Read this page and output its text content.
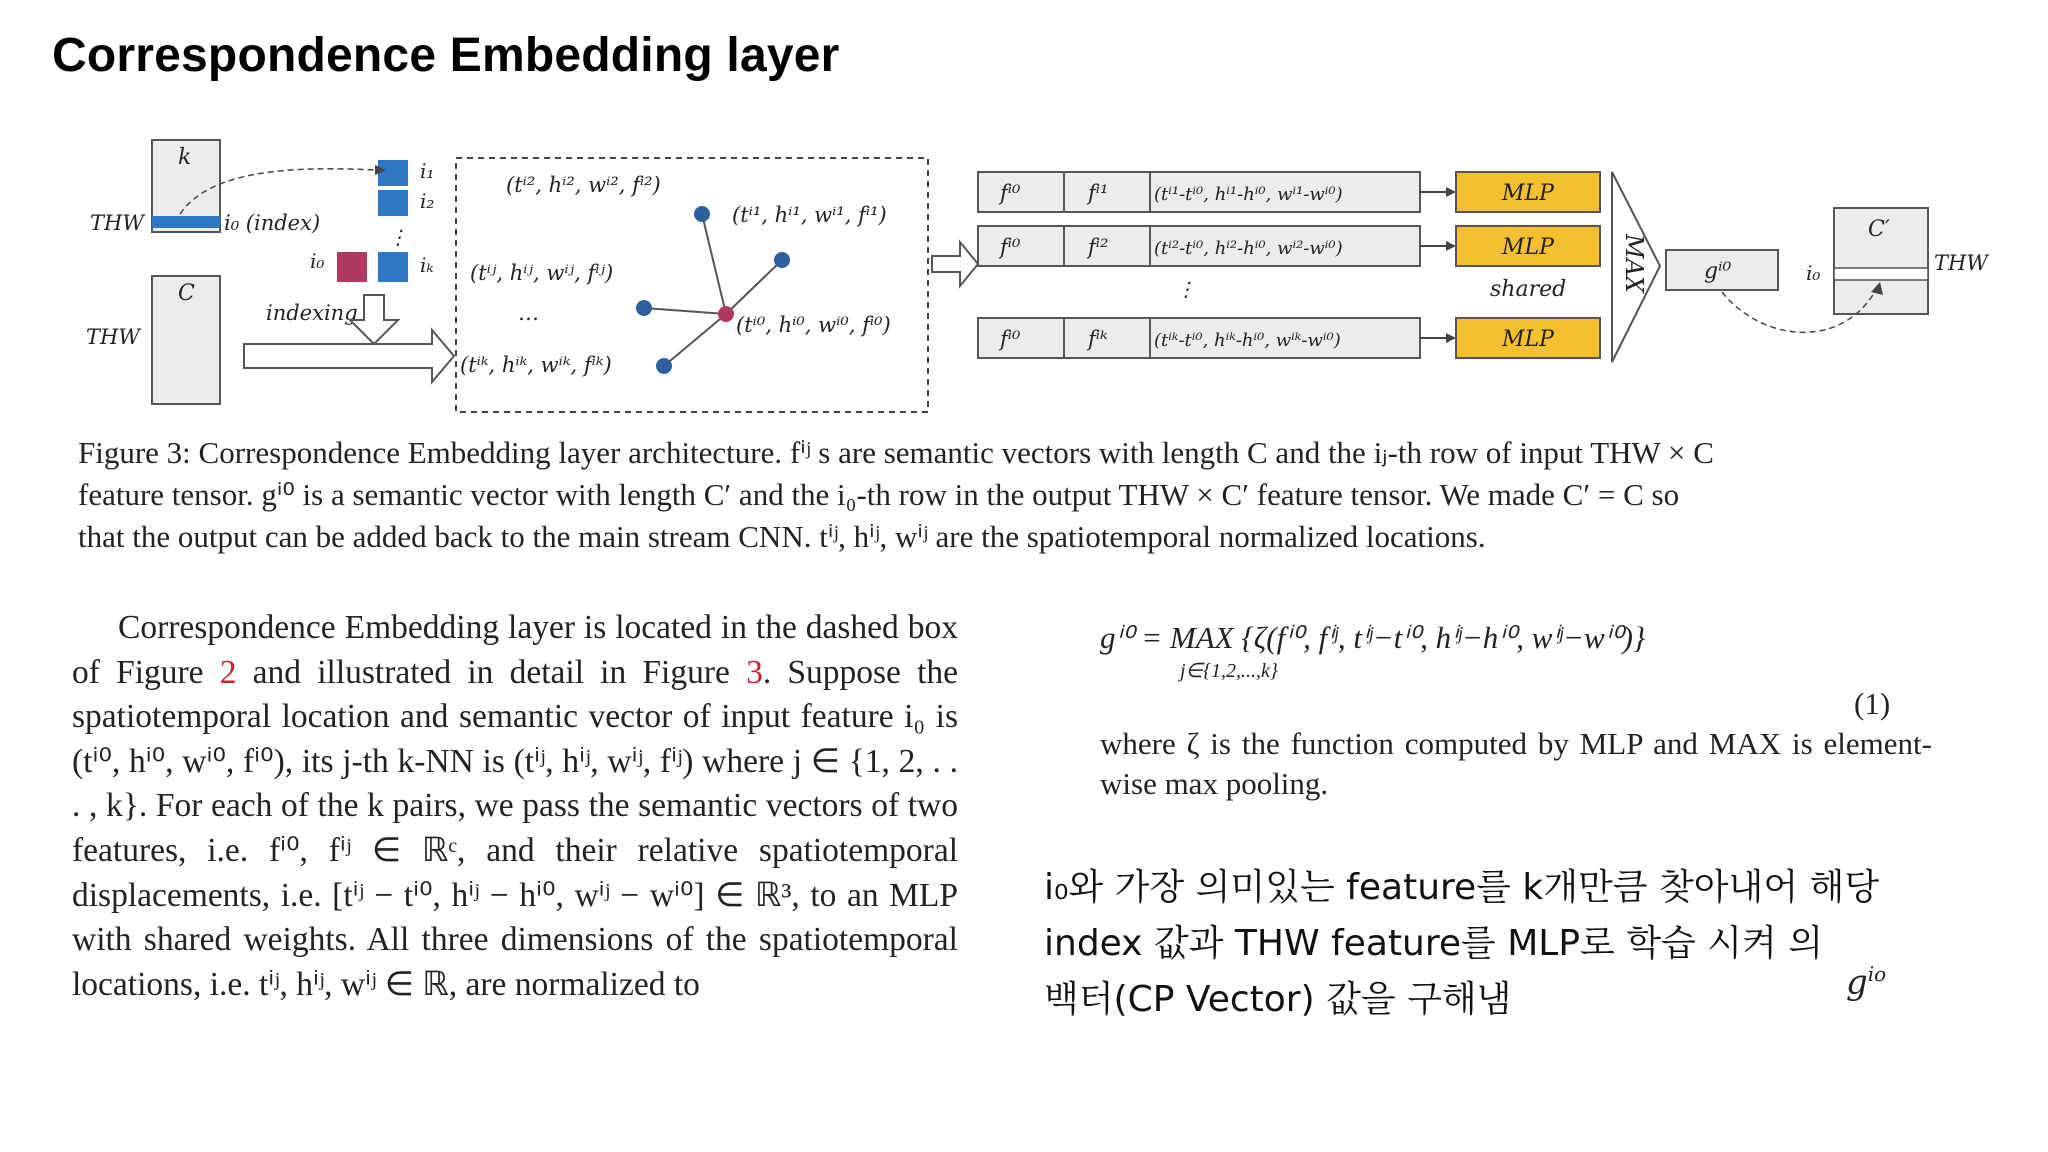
Correspondence Embedding layer
k
C
THW
THW
i₀ (index)
indexing
i₀
i₁
i₂
⋮
iₖ
(tⁱ², hⁱ², wⁱ², fⁱ²)
(tⁱ¹, hⁱ¹, wⁱ¹, fⁱ¹)
(tⁱʲ, hⁱʲ, wⁱʲ, fⁱʲ)
…	(tⁱ⁰, hⁱ⁰, wⁱ⁰, fⁱ⁰)
(tⁱᵏ, hⁱᵏ, wⁱᵏ, fⁱᵏ)
fⁱ⁰	fⁱ¹	(tⁱ¹-tⁱ⁰, hⁱ¹-hⁱ⁰, wⁱ¹-wⁱ⁰)
fⁱ⁰	fⁱ²	(tⁱ²-tⁱ⁰, hⁱ²-hⁱ⁰, wⁱ²-wⁱ⁰)
⋮
fⁱ⁰	fⁱᵏ	(tⁱᵏ-tⁱ⁰, hⁱᵏ-hⁱ⁰, wⁱᵏ-wⁱ⁰)
MLP
MLP
MLP
shared MAX	gⁱ⁰
C′
THW
i₀

Figure 3: Correspondence Embedding layer architecture. fⁱʲ s are semantic vectors with length C and the iⱼ-th row of input THW × C

feature tensor. gⁱ⁰ is a semantic vector with length C′ and the i₀-th row in the output THW × C′ feature tensor. We made C′ = C so

that the output can be added back to the main stream CNN. tⁱʲ, hⁱʲ, wⁱʲ are the spatiotemporal normalized locations.

Correspondence Embedding layer is located in the dashed box of Figure 2 and illustrated in detail in Figure 3. Suppose the spatiotemporal location and semantic vector of input feature i₀ is (tⁱ⁰, hⁱ⁰, wⁱ⁰, fⁱ⁰), its j-th k-NN is (tⁱʲ, hⁱʲ, wⁱʲ, fⁱʲ) where j ∈ {1, 2, . . . , k}. For each of the k pairs, we pass the semantic vectors of two features, i.e. fⁱ⁰, fⁱʲ ∈ ℝᶜ, and their relative spatiotemporal displacements, i.e. [tⁱʲ − tⁱ⁰, hⁱʲ − hⁱ⁰, wⁱʲ − wⁱ⁰] ∈ ℝ³, to an MLP with shared weights. All three dimensions of the spatiotemporal locations, i.e. tⁱʲ, hⁱʲ, wⁱʲ ∈ ℝ, are normalized to

gⁱ⁰ = MAX {ζ(fⁱ⁰, fⁱʲ, tⁱʲ−tⁱ⁰, hⁱʲ−hⁱ⁰, wⁱʲ−wⁱ⁰)}
j∈{1,2,...,k}
(1)

where ζ is the function computed by MLP and MAX is element-wise max pooling.

i₀와 가장 의미있는 feature를 k개만큼 찾아내어 해당

index 값과 THW feature를 MLP로 학습 시켜 의

백터(CP Vector) 값을 구해냄	$g^{io}$
